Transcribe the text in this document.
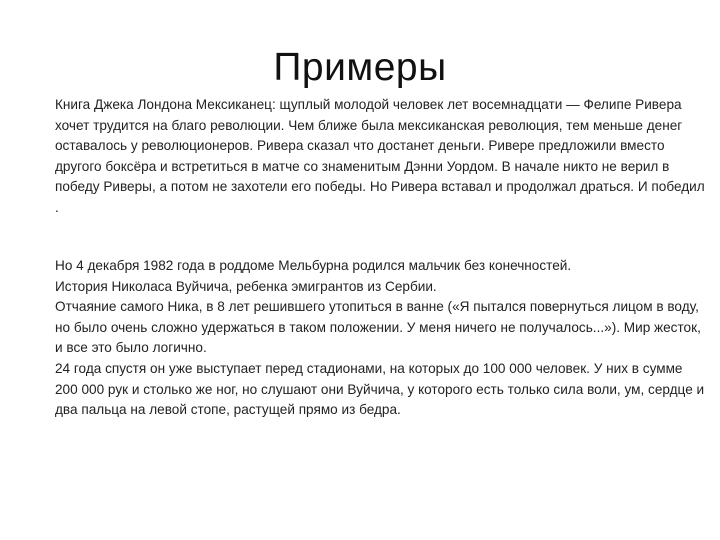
Примеры

Книга Джека Лондона Мексиканец: щуплый молодой человек лет восемнадцати — Фелипе Ривера хочет трудится на благо революции. Чем ближе была мексиканская революция, тем меньше денег оставалось у революционеров. Ривера сказал что достанет деньги. Ривере предложили вместо другого боксёра и встретиться в матче со знаменитым Дэнни Уордом. В начале никто не верил в победу Риверы, а потом не захотели его победы. Но Ривера вставал и продолжал драться. И победил .

Но 4 декабря 1982 года в роддоме Мельбурна родился мальчик без конечностей.
История Николаса Вуйчича, ребенка эмигрантов из Сербии.
Отчаяние самого Ника, в 8 лет решившего утопиться в ванне («Я пытался повернуться лицом в воду, но было очень сложно удержаться в таком положении. У меня ничего не получалось...»). Мир жесток, и все это было логично.
24 года спустя он уже выступает перед стадионами, на которых до 100 000 человек. У них в сумме 200 000 рук и столько же ног, но слушают они Вуйчича, у которого есть только сила воли, ум, сердце и два пальца на левой стопе, растущей прямо из бедра.
